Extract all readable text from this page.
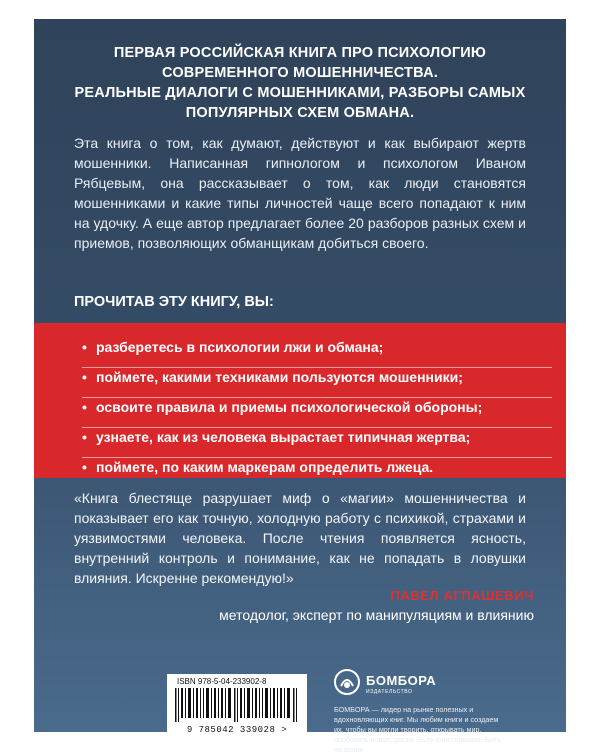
ПЕРВАЯ РОССИЙСКАЯ КНИГА ПРО ПСИХОЛОГИЮ
СОВРЕМЕННОГО МОШЕННИЧЕСТВА.
РЕАЛЬНЫЕ ДИАЛОГИ С МОШЕННИКАМИ, РАЗБОРЫ САМЫХ
ПОПУЛЯРНЫХ СХЕМ ОБМАНА.
Эта книга о том, как думают, действуют и как выбирают жертв мошенники. Написанная гипнологом и психологом Иваном Рябцевым, она рассказывает о том, как люди становятся мошенниками и какие типы личностей чаще всего попадают к ним на удочку. А еще автор предлагает более 20 разборов разных схем и приемов, позволяющих обманщикам добиться своего.
ПРОЧИТАВ ЭТУ КНИГУ, ВЫ:
• разберетесь в психологии лжи и обмана;
• поймете, какими техниками пользуются мошенники;
• освоите правила и приемы психологической обороны;
• узнаете, как из человека вырастает типичная жертва;
• поймете, по каким маркерам определить лжеца.
«Книга блестяще разрушает миф о «магии» мошенничества и показывает его как точную, холодную работу с психикой, страхами и уязвимостями человека. После чтения появляется ясность, внутренний контроль и понимание, как не попадать в ловушки влияния. Искренне рекомендую!»
ПАВЕЛ АГПАШЕВИЧ
методолог, эксперт по манипуляциям и влиянию
ISBN 978-5-04-233902-8
9 785042 339028 >
БОМБОРА
ИЗДАТЕЛЬСТВО
БОМБОРА — лидер на рынке полезных и вдохновляющих книг. Мы любим книги и создаем их, чтобы вы могли творить, открывать мир, пробовать новое, расти. Быть счастливыми. Быть на волне.
